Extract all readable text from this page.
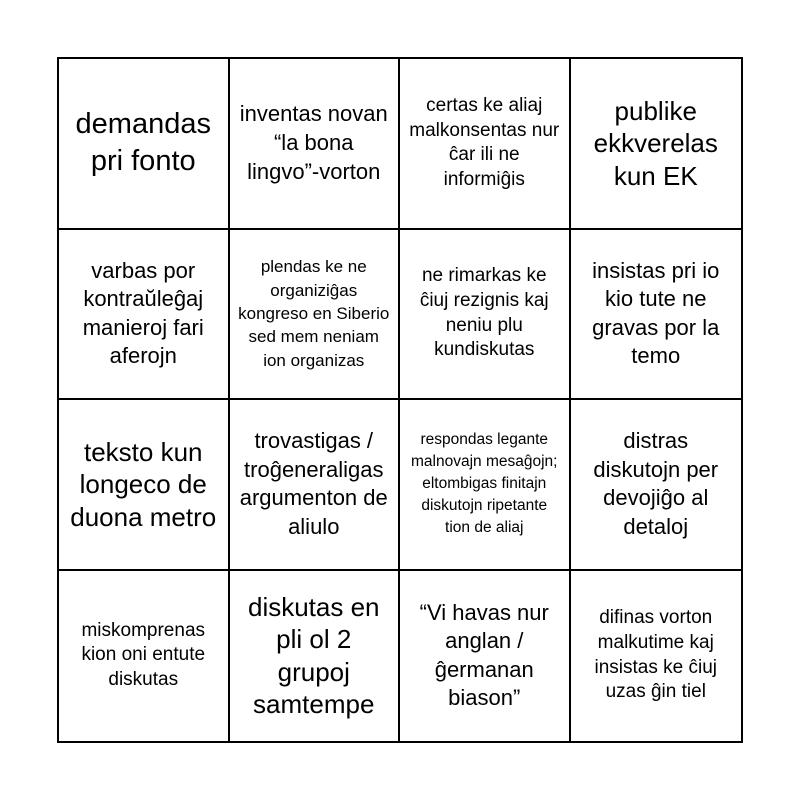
demandas pri fonto
inventas novan “la bona lingvo”-vorton
certas ke aliaj malkonsentas nur ĉar ili ne informiĝis
publike ekkverelas kun EK
varbas por kontraŭleĝaj manieroj fari aferojn
plendas ke ne organiziĝas kongreso en Siberio sed mem neniam ion organizas
ne rimarkas ke ĉiuj rezignis kaj neniu plu kundiskutas
insistas pri io kio tute ne gravas por la temo
teksto kun longeco de duona metro
trovastigas / troĝeneraligas argumenton de aliulo
respondas legante malnovajn mesaĝojn; eltombigas finitajn diskutojn ripetante tion de aliaj
distras diskutojn per devojiĝo al detaloj
miskomprenas kion oni entute diskutas
diskutas en pli ol 2 grupoj samtempe
“Vi havas nur anglan / ĝermanan biason”
difinas vorton malkutime kaj insistas ke ĉiuj uzas ĝin tiel
